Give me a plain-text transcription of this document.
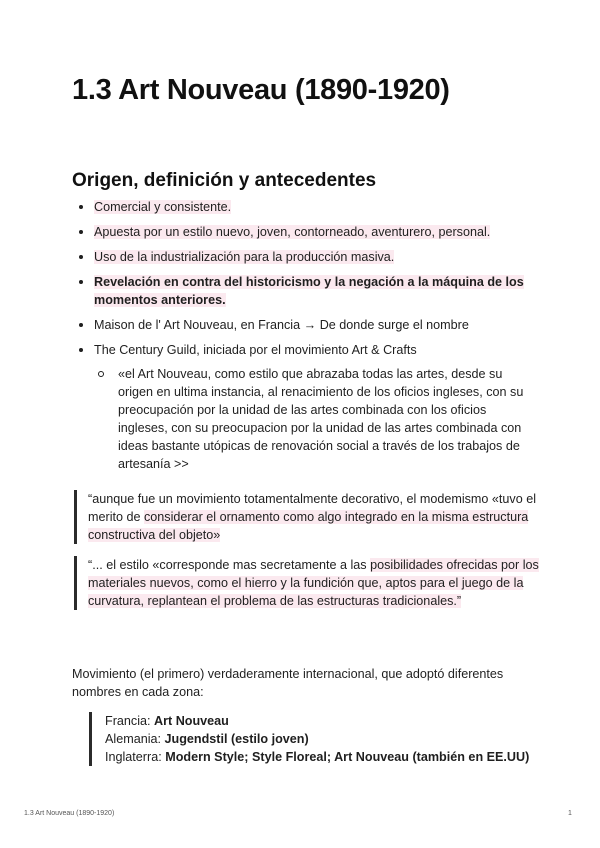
1.3 Art Nouveau (1890-1920)
Origen, definición y antecedentes
Comercial y consistente.
Apuesta por un estilo nuevo, joven, contorneado, aventurero, personal.
Uso de la industrialización para la producción masiva.
Revelación en contra del historicismo y la negación a la máquina de los momentos anteriores.
Maison de l' Art Nouveau, en Francia → De donde surge el nombre
The Century Guild, iniciada por el movimiento Art & Crafts
«el Art Nouveau, como estilo que abrazaba todas las artes, desde su origen en ultima instancia, al renacimiento de los oficios ingleses, con su preocupación por la unidad de las artes combinada con los oficios ingleses, con su preocupacion por la unidad de las artes combinada con ideas bastante utópicas de renovación social a través de los trabajos de artesanía >>
“aunque fue un movimiento totamentalmente decorativo, el modemismo «tuvo el merito de considerar el ornamento como algo integrado en la misma estructura constructiva del objeto»
“... el estilo «corresponde mas secretamente a las posibilidades ofrecidas por los materiales nuevos, como el hierro y la fundición que, aptos para el juego de la curvatura, replantean el problema de las estructuras tradicionales.”

Movimiento (el primero) verdaderamente internacional, que adoptó diferentes nombres en cada zona:

Francia: Art Nouveau
Alemania: Jugendstil (estilo joven)
Inglaterra: Modern Style; Style Floreal; Art Nouveau (también en EE.UU)
1.3 Art Nouveau (1890-1920)	1
